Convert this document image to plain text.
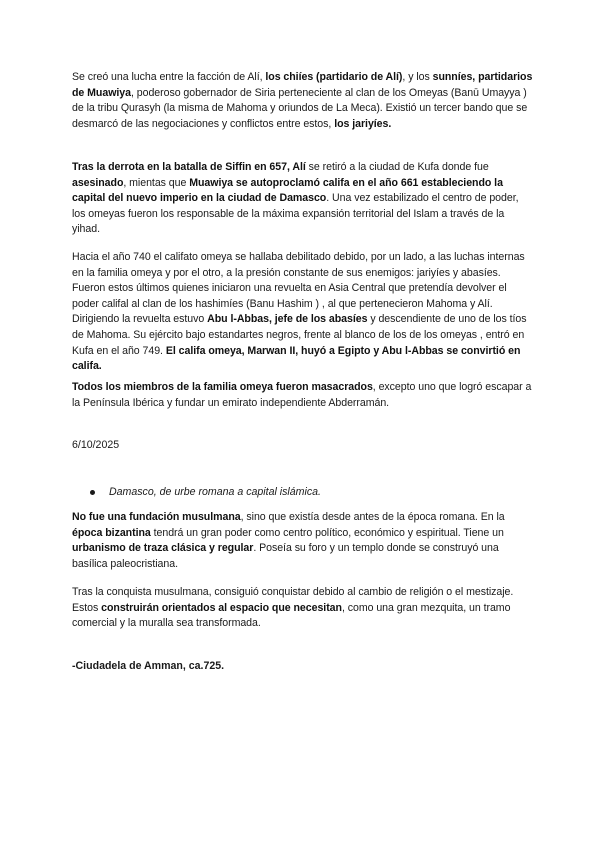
Se creó una lucha entre la facción de Alí, los chiíes (partidario de Alí), y los sunníes, partidarios de Muawiya, poderoso gobernador de Siria perteneciente al clan de los Omeyas (Banū Umayya ) de la tribu Qurasyh (la misma de Mahoma y oriundos de La Meca). Existió un tercer bando que se desmarcó de las negociaciones y conflictos entre estos, los jariyíes.

Tras la derrota en la batalla de Siffin en 657, Alí se retiró a la ciudad de Kufa donde fue asesinado, mientas que Muawiya se autoproclamó califa en el año 661 estableciendo la capital del nuevo imperio en la ciudad de Damasco. Una vez estabilizado el centro de poder, los omeyas fueron los responsable de la máxima expansión territorial del Islam a través de la yihad.

Hacia el año 740 el califato omeya se hallaba debilitado debido, por un lado, a las luchas internas en la familia omeya y por el otro, a la presión constante de sus enemigos: jariyíes y abasíes. Fueron estos últimos quienes iniciaron una revuelta en Asia Central que pretendía devolver el poder califal al clan de los hashimíes (Banu Hashim ) , al que pertenecieron Mahoma y Alí. Dirigiendo la revuelta estuvo Abu l-Abbas, jefe de los abasíes y descendiente de uno de los tíos de Mahoma. Su ejército bajo estandartes negros, frente al blanco de los de los omeyas , entró en Kufa en el año 749. El califa omeya, Marwan II, huyó a Egipto y Abu l-Abbas se convirtió en califa.

Todos los miembros de la familia omeya fueron masacrados, excepto uno que logró escapar a la Península Ibérica y fundar un emirato independiente Abderramán.

6/10/2025
Damasco, de urbe romana a capital islámica.

No fue una fundación musulmana, sino que existía desde antes de la época romana. En la época bizantina tendrá un gran poder como centro político, económico y espiritual. Tiene un urbanismo de traza clásica y regular. Poseía su foro y un templo donde se construyó una basílica paleocristiana.

Tras la conquista musulmana, consiguió conquistar debido al cambio de religión o el mestizaje. Estos construirán orientados al espacio que necesitan, como una gran mezquita, un tramo comercial y la muralla sea transformada.

-Ciudadela de Amman, ca.725.
